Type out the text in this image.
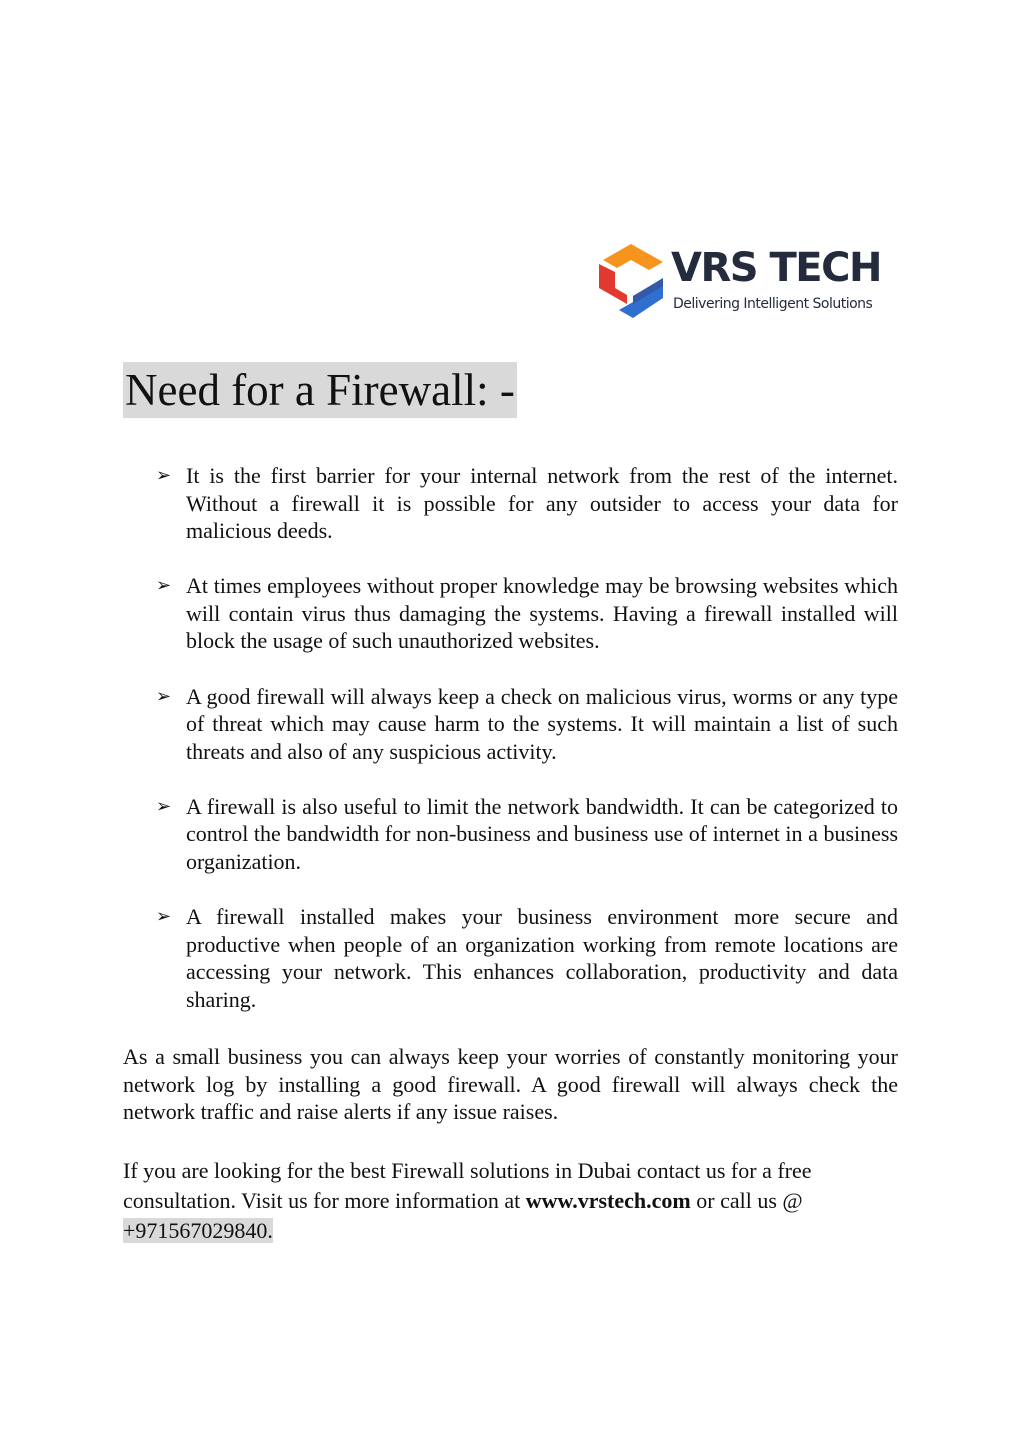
VRS TECH
Delivering Intelligent Solutions
Need for a Firewall: -
➢ It is the first barrier for your internal network from the rest of the internet. Without a firewall it is possible for any outsider to access your data for malicious deeds.
➢ At times employees without proper knowledge may be browsing websites which will contain virus thus damaging the systems. Having a firewall installed will block the usage of such unauthorized websites.
➢ A good firewall will always keep a check on malicious virus, worms or any type of threat which may cause harm to the systems. It will maintain a list of such threats and also of any suspicious activity.
➢ A firewall is also useful to limit the network bandwidth. It can be categorized to control the bandwidth for non-business and business use of internet in a business organization.
➢ A firewall installed makes your business environment more secure and productive when people of an organization working from remote locations are accessing your network. This enhances collaboration, productivity and data sharing.

As a small business you can always keep your worries of constantly monitoring your network log by installing a good firewall. A good firewall will always check the network traffic and raise alerts if any issue raises.

If you are looking for the best Firewall solutions in Dubai contact us for a free consultation. Visit us for more information at www.vrstech.com or call us @ +971567029840.
